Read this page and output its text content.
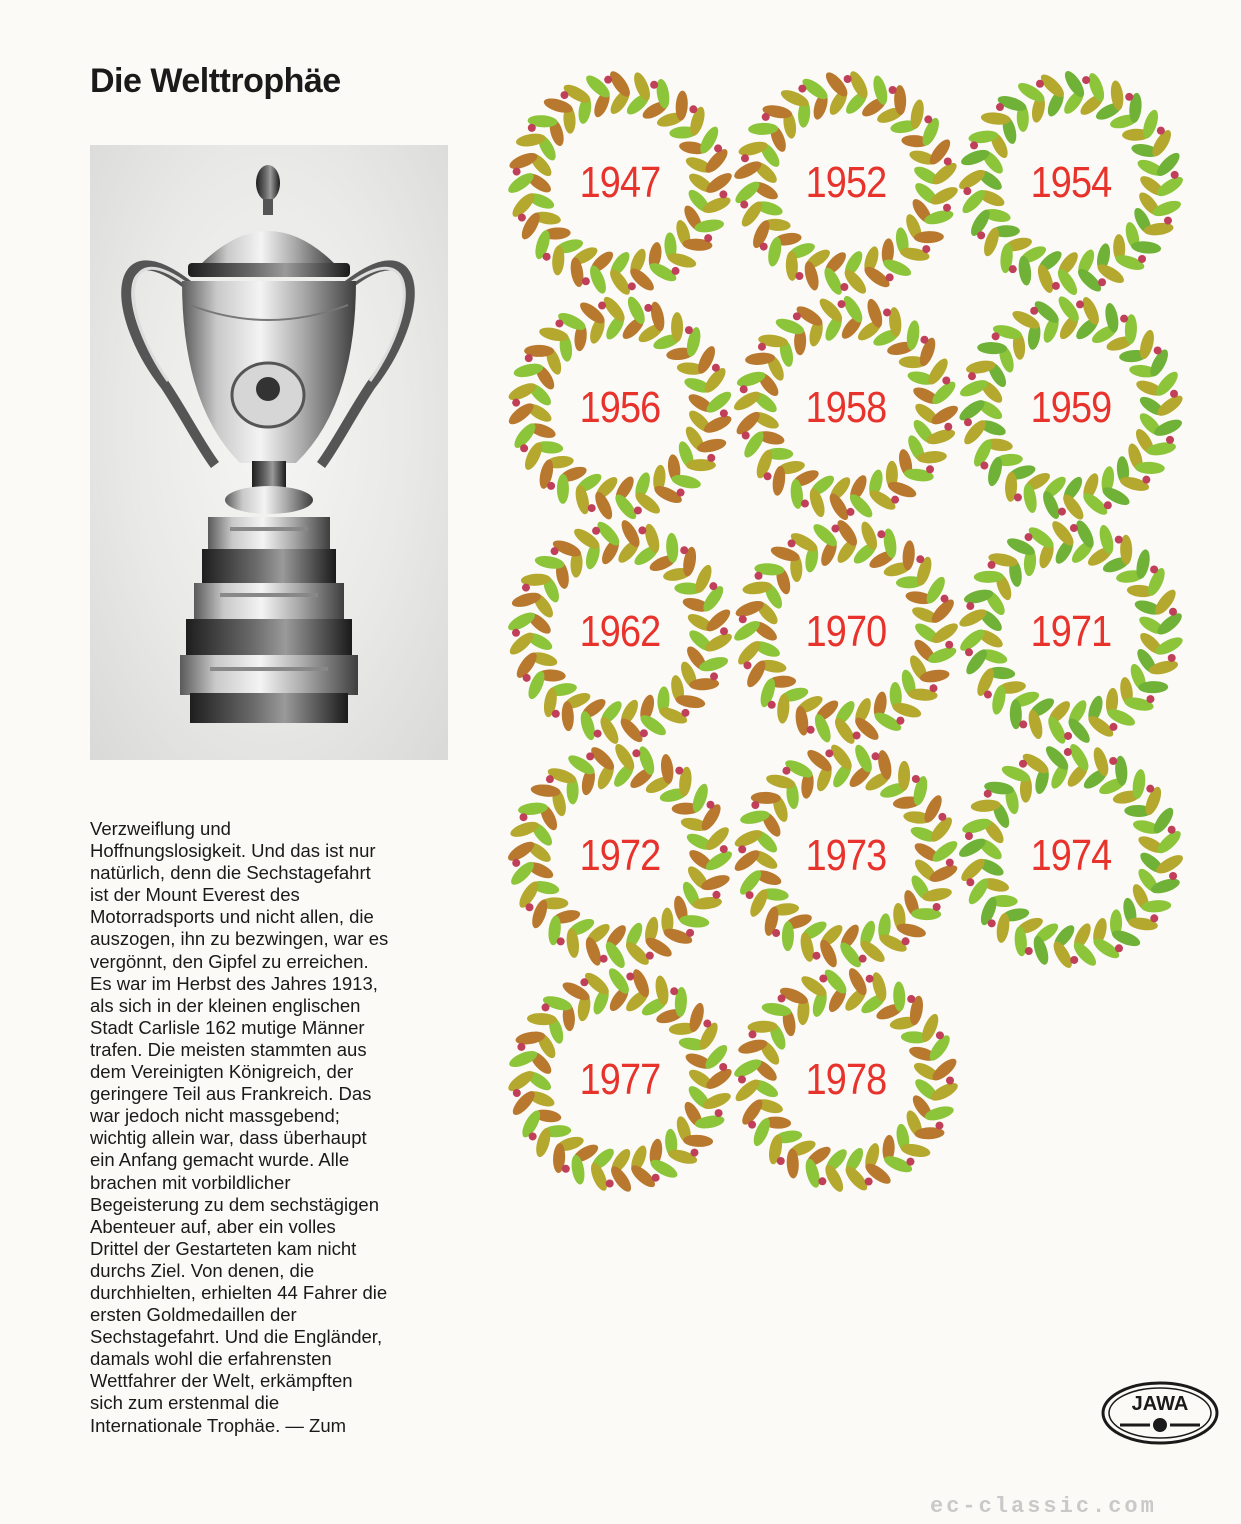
Die Welttrophäe
Verzweiflung und
Hoffnungslosigkeit. Und das ist nur
natürlich, denn die Sechstagefahrt
ist der Mount Everest des
Motorradsports und nicht allen, die
auszogen, ihn zu bezwingen, war es
vergönnt, den Gipfel zu erreichen.
Es war im Herbst des Jahres 1913,
als sich in der kleinen englischen
Stadt Carlisle 162 mutige Männer
trafen. Die meisten stammten aus
dem Vereinigten Königreich, der
geringere Teil aus Frankreich. Das
war jedoch nicht massgebend;
wichtig allein war, dass überhaupt
ein Anfang gemacht wurde. Alle
brachen mit vorbildlicher
Begeisterung zu dem sechstägigen
Abenteuer auf, aber ein volles
Drittel der Gestarteten kam nicht
durchs Ziel. Von denen, die
durchhielten, erhielten 44 Fahrer die
ersten Goldmedaillen der
Sechstagefahrt. Und die Engländer,
damals wohl die erfahrensten
Wettfahrer der Welt, erkämpften
sich zum erstenmal die
Internationale Trophäe. — Zum
1947	1952	1954
1956	1958	1959
1962	1970	1971
1972	1973	1974
1977	1978
JAWA
ec-classic.com
